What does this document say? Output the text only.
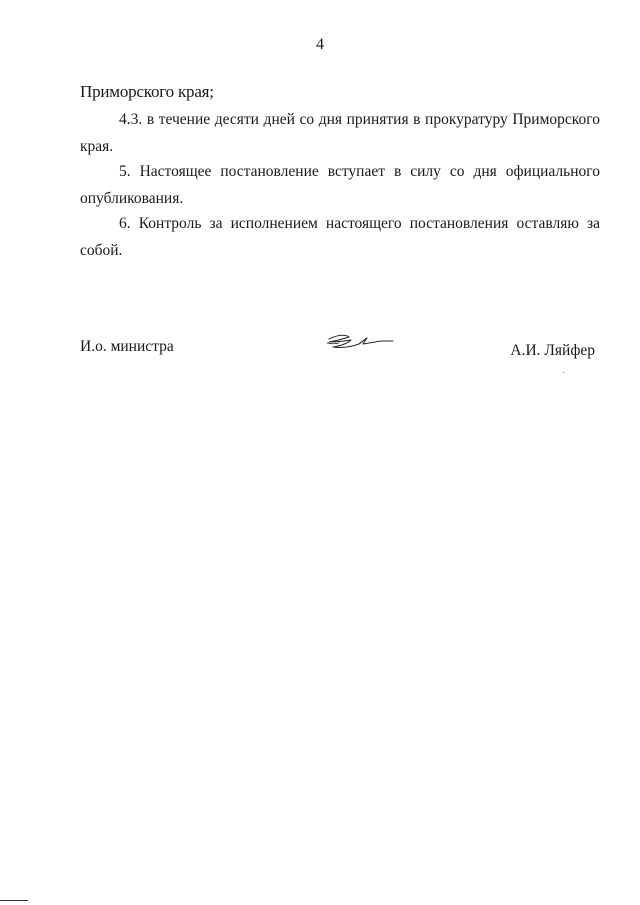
4

Приморского края;

4.3. в течение десяти дней со дня принятия в прокуратуру Приморского
края.

5. Настоящее постановление вступает в силу со дня официального
опубликования.

6. Контроль за исполнением настоящего постановления оставляю за
собой.

И.о. министра	А.И. Ляйфер
